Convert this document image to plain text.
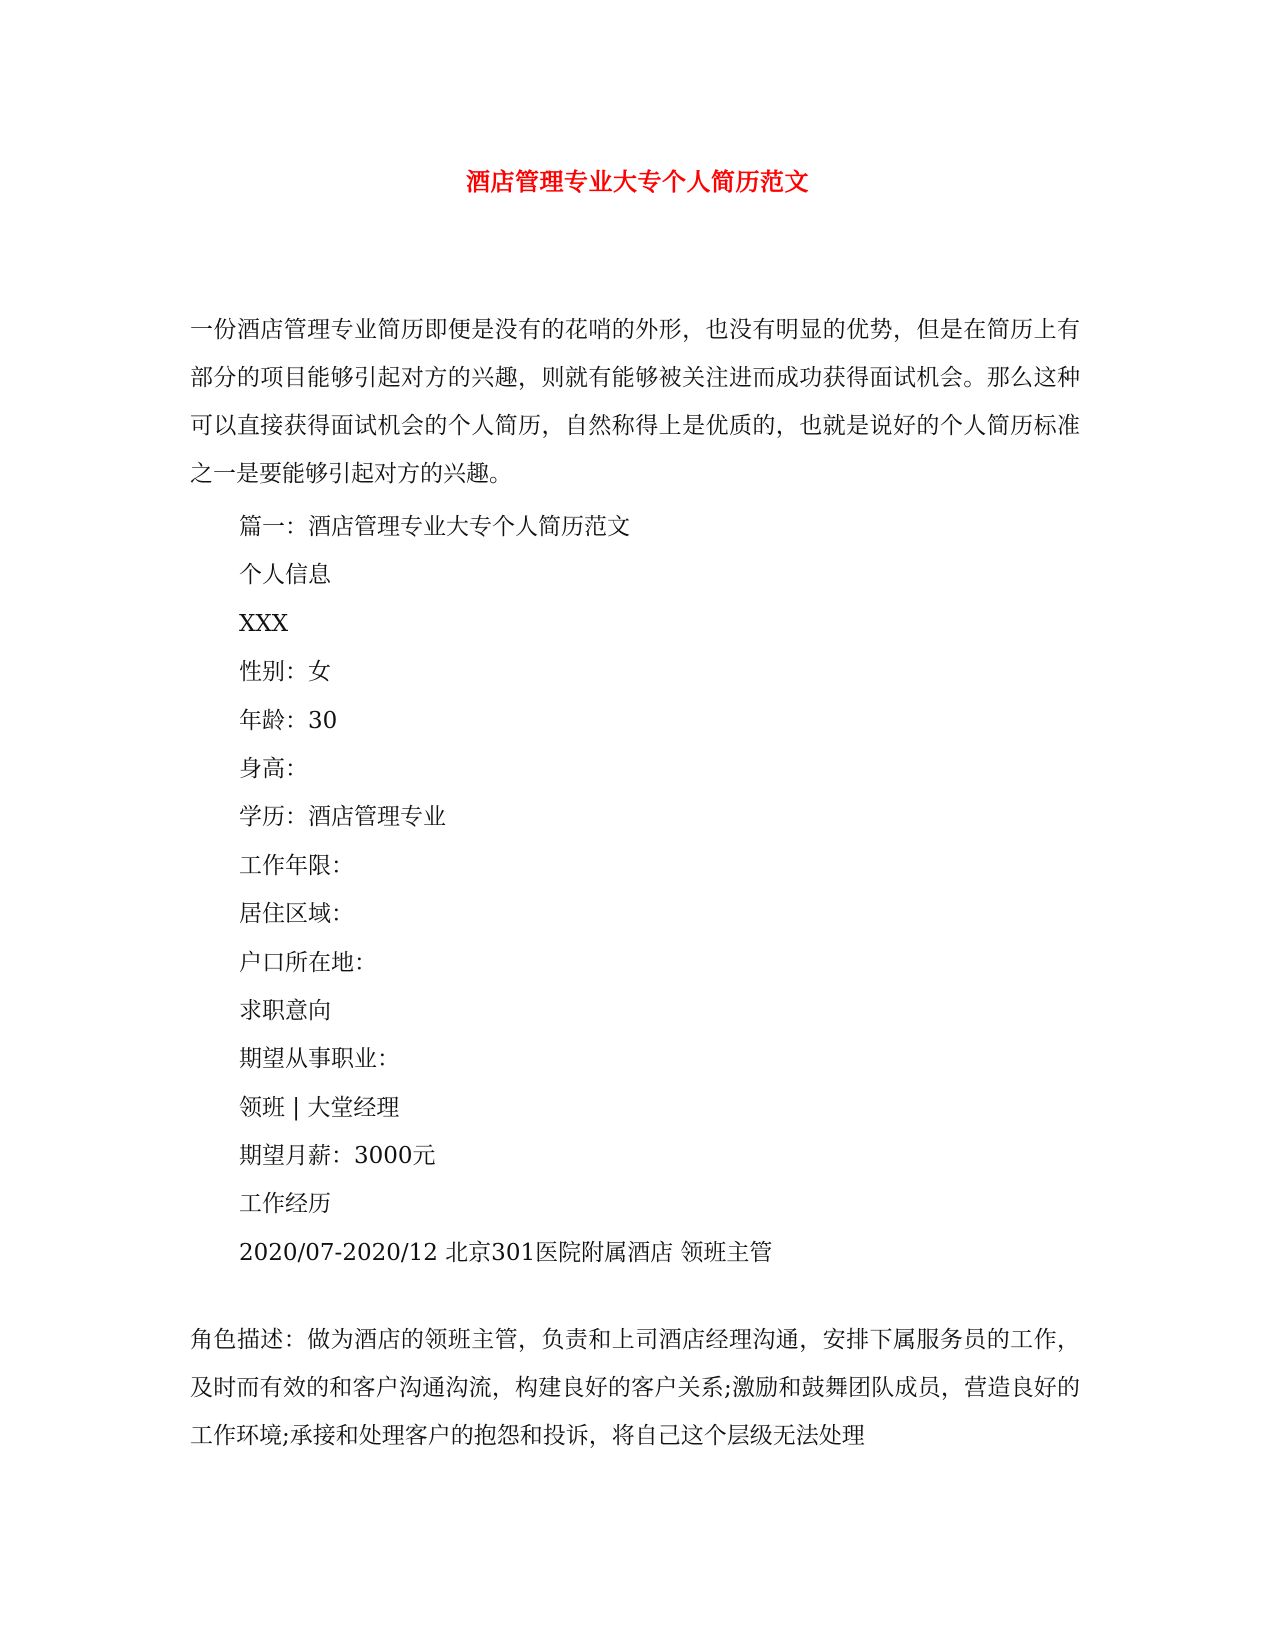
酒店管理专业大专个人简历范文

一份酒店管理专业简历即便是没有的花哨的外形，也没有明显的优势，但是在简历上有部分的项目能够引起对方的兴趣，则就有能够被关注进而成功获得面试机会。那么这种可以直接获得面试机会的个人简历，自然称得上是优质的，也就是说好的个人简历标准之一是要能够引起对方的兴趣。

篇一：酒店管理专业大专个人简历范文
个人信息
XXX
性别：女
年龄：30
身高：
学历：酒店管理专业
工作年限：
居住区域：
户口所在地：
求职意向
期望从事职业：
领班 | 大堂经理
期望月薪：3000元
工作经历
2020/07-2020/12 北京301医院附属酒店 领班主管

角色描述：做为酒店的领班主管，负责和上司酒店经理沟通，安排下属服务员的工作，及时而有效的和客户沟通沟流，构建良好的客户关系;激励和鼓舞团队成员，营造良好的工作环境;承接和处理客户的抱怨和投诉，将自己这个层级无法处理
